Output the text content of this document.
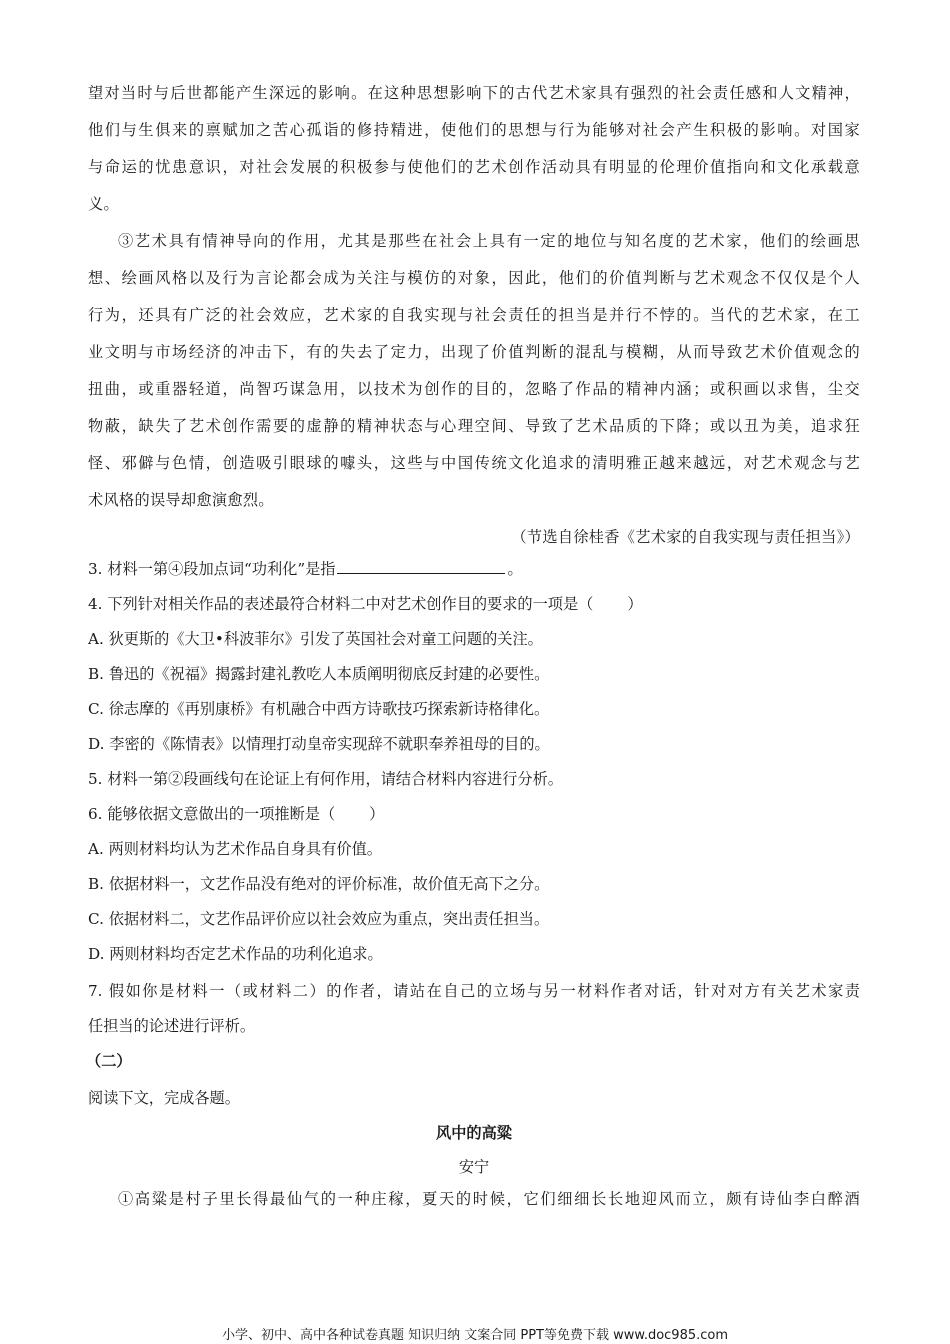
望对当时与后世都能产生深远的影响。在这种思想影响下的古代艺术家具有强烈的社会责任感和人文精神，
他们与生俱来的禀赋加之苦心孤诣的修持精进，使他们的思想与行为能够对社会产生积极的影响。对国家
与命运的忧患意识，对社会发展的积极参与使他们的艺术创作活动具有明显的伦理价值指向和文化承载意
义。
③艺术具有情神导向的作用，尤其是那些在社会上具有一定的地位与知名度的艺术家，他们的绘画思
想、绘画风格以及行为言论都会成为关注与模仿的对象，因此，他们的价值判断与艺术观念不仅仅是个人
行为，还具有广泛的社会效应，艺术家的自我实现与社会责任的担当是并行不悖的。当代的艺术家，在工
业文明与市场经济的冲击下，有的失去了定力，出现了价值判断的混乱与模糊，从而导致艺术价值观念的
扭曲，或重器轻道，尚智巧谋急用，以技术为创作的目的，忽略了作品的精神内涵；或积画以求售，尘交
物蔽，缺失了艺术创作需要的虚静的精神状态与心理空间、导致了艺术品质的下降；或以丑为美，追求狂
怪、邪僻与色情，创造吸引眼球的噱头，这些与中国传统文化追求的清明雅正越来越远，对艺术观念与艺
术风格的误导却愈演愈烈。
（节选自徐桂香《艺术家的自我实现与责任担当》）
3. 材料一第④段加点词“功利化”是指	。
4. 下列针对相关作品的表述最符合材料二中对艺术创作目的要求的一项是（ ）
A. 狄更斯的《大卫•科波菲尔》引发了英国社会对童工问题的关注。
B. 鲁迅的《祝福》揭露封建礼教吃人本质阐明彻底反封建的必要性。
C. 徐志摩的《再别康桥》有机融合中西方诗歌技巧探索新诗格律化。
D. 李密的《陈情表》以情理打动皇帝实现辞不就职奉养祖母的目的。
5. 材料一第②段画线句在论证上有何作用，请结合材料内容进行分析。
6. 能够依据文意做出的一项推断是（ ）
A. 两则材料均认为艺术作品自身具有价值。
B. 依据材料一，文艺作品没有绝对的评价标准，故价值无高下之分。
C. 依据材料二，文艺作品评价应以社会效应为重点，突出责任担当。
D. 两则材料均否定艺术作品的功利化追求。
7. 假如你是材料一（或材料二）的作者，请站在自己的立场与另一材料作者对话，针对对方有关艺术家责
任担当的论述进行评析。
（二）
阅读下文，完成各题。
风中的高粱
安宁
①高粱是村子里长得最仙气的一种庄稼，夏天的时候，它们细细长长地迎风而立，颇有诗仙李白醉酒
小学、初中、高中各种试卷真题 知识归纳 文案合同 PPT等免费下载 www.doc985.com
